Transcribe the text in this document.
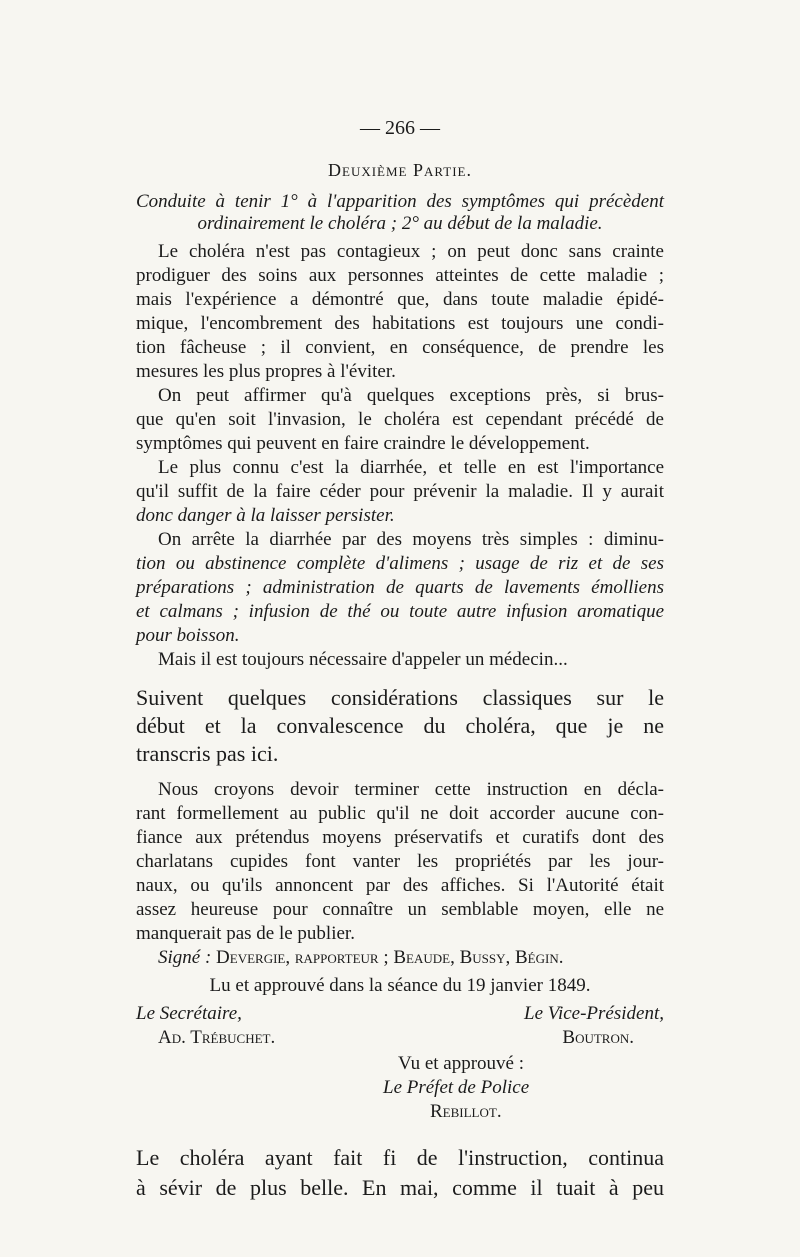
— 266 —
Deuxième Partie.
Conduite à tenir 1° à l'apparition des symptômes qui précèdent
ordinairement le choléra ; 2° au début de la maladie.
Le choléra n'est pas contagieux ; on peut donc sans crainte
prodiguer des soins aux personnes atteintes de cette maladie ;
mais l'expérience a démontré que, dans toute maladie épidé-
mique, l'encombrement des habitations est toujours une condi-
tion fâcheuse ; il convient, en conséquence, de prendre les
mesures les plus propres à l'éviter.
On peut affirmer qu'à quelques exceptions près, si brus-
que qu'en soit l'invasion, le choléra est cependant précédé de
symptômes qui peuvent en faire craindre le développement.
Le plus connu c'est la diarrhée, et telle en est l'importance
qu'il suffit de la faire céder pour prévenir la maladie. Il y aurait
donc danger à la laisser persister.
On arrête la diarrhée par des moyens très simples : diminu-
tion ou abstinence complète d'alimens ; usage de riz et de ses
préparations ; administration de quarts de lavements émolliens
et calmans ; infusion de thé ou toute autre infusion aromatique
pour boisson.
Mais il est toujours nécessaire d'appeler un médecin...
Suivent quelques considérations classiques sur le
début et la convalescence du choléra, que je ne
transcris pas ici.
Nous croyons devoir terminer cette instruction en décla-
rant formellement au public qu'il ne doit accorder aucune con-
fiance aux prétendus moyens préservatifs et curatifs dont des
charlatans cupides font vanter les propriétés par les jour-
naux, ou qu'ils annoncent par des affiches. Si l'Autorité était
assez heureuse pour connaître un semblable moyen, elle ne
manquerait pas de le publier.
Signé : Devergie, rapporteur ; Beaude, Bussy, Bégin.
Lu et approuvé dans la séance du 19 janvier 1849.
Le Secrétaire,	Le Vice-Président,
Ad. Trébuchet.	Boutron.
Vu et approuvé :
Le Préfet de Police
Rebillot.
Le choléra ayant fait fi de l'instruction, continua
à sévir de plus belle. En mai, comme il tuait à peu
